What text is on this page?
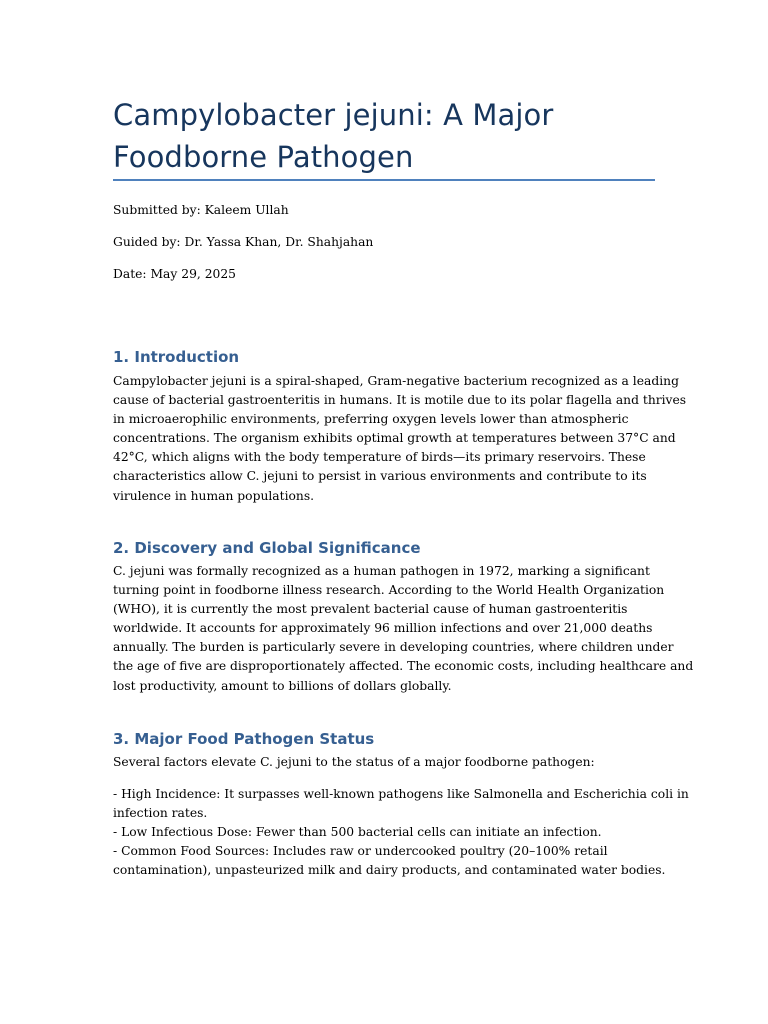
Campylobacter jejuni: A Major
Foodborne Pathogen

Submitted by: Kaleem Ullah

Guided by: Dr. Yassa Khan, Dr. Shahjahan

Date: May 29, 2025

1. Introduction
Campylobacter jejuni is a spiral-shaped, Gram-negative bacterium recognized as a leading
cause of bacterial gastroenteritis in humans. It is motile due to its polar flagella and thrives
in microaerophilic environments, preferring oxygen levels lower than atmospheric
concentrations. The organism exhibits optimal growth at temperatures between 37°C and
42°C, which aligns with the body temperature of birds—its primary reservoirs. These
characteristics allow C. jejuni to persist in various environments and contribute to its
virulence in human populations.
2. Discovery and Global Significance
C. jejuni was formally recognized as a human pathogen in 1972, marking a significant
turning point in foodborne illness research. According to the World Health Organization
(WHO), it is currently the most prevalent bacterial cause of human gastroenteritis
worldwide. It accounts for approximately 96 million infections and over 21,000 deaths
annually. The burden is particularly severe in developing countries, where children under
the age of five are disproportionately affected. The economic costs, including healthcare and
lost productivity, amount to billions of dollars globally.
3. Major Food Pathogen Status
Several factors elevate C. jejuni to the status of a major foodborne pathogen:
- High Incidence: It surpasses well-known pathogens like Salmonella and Escherichia coli in
infection rates.
- Low Infectious Dose: Fewer than 500 bacterial cells can initiate an infection.
- Common Food Sources: Includes raw or undercooked poultry (20–100% retail
contamination), unpasteurized milk and dairy products, and contaminated water bodies.
